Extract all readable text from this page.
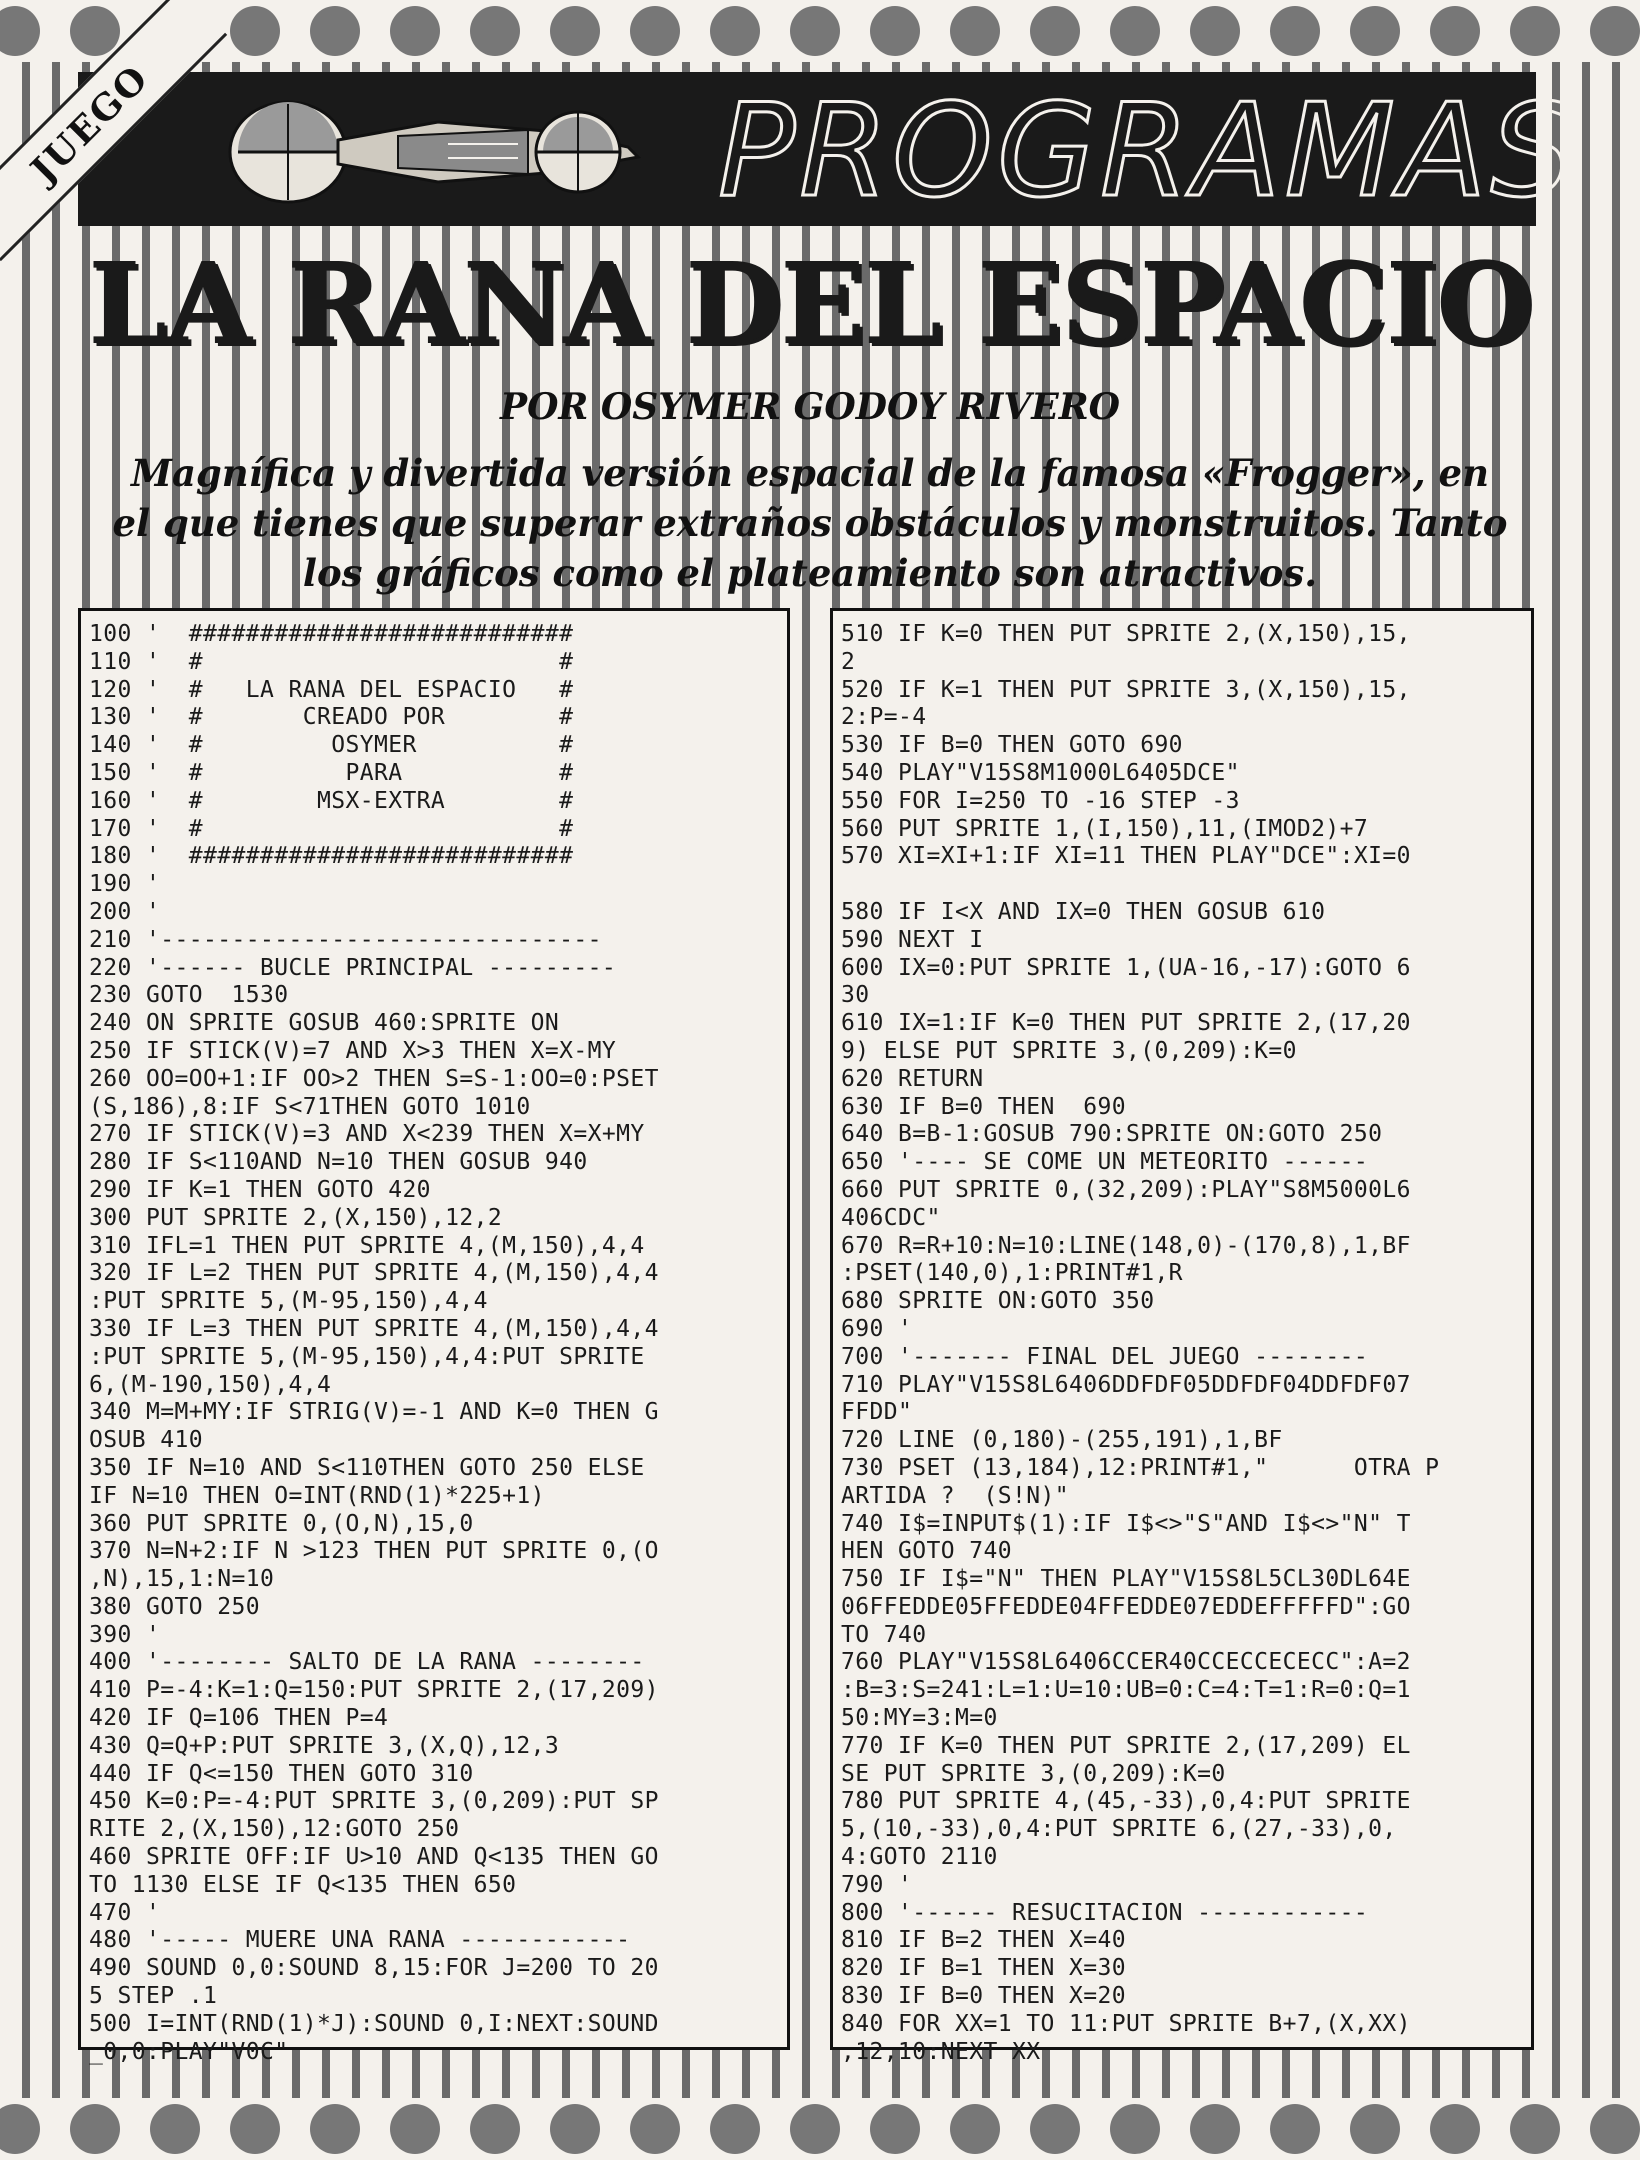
PROGRAMAS
JUEGO
LA RANA DEL ESPACIO
POR OSYMER GODOY RIVERO
Magnífica y divertida versión espacial de la famosa «Frogger», en
el que tienes que superar extraños obstáculos y monstruitos. Tanto
los gráficos como el plateamiento son atractivos.
100 '  ###########################
110 '  #                         #
120 '  #   LA RANA DEL ESPACIO   #
130 '  #       CREADO POR        #
140 '  #         OSYMER          #
150 '  #          PARA           #
160 '  #        MSX-EXTRA        #
170 '  #                         #
180 '  ###########################
190 '
200 '
210 '-------------------------------
220 '------ BUCLE PRINCIPAL ---------
230 GOTO  1530
240 ON SPRITE GOSUB 460:SPRITE ON
250 IF STICK(V)=7 AND X>3 THEN X=X-MY
260 OO=OO+1:IF OO>2 THEN S=S-1:OO=0:PSET
(S,186),8:IF S<71THEN GOTO 1010
270 IF STICK(V)=3 AND X<239 THEN X=X+MY
280 IF S<110AND N=10 THEN GOSUB 940
290 IF K=1 THEN GOTO 420
300 PUT SPRITE 2,(X,150),12,2
310 IFL=1 THEN PUT SPRITE 4,(M,150),4,4
320 IF L=2 THEN PUT SPRITE 4,(M,150),4,4
:PUT SPRITE 5,(M-95,150),4,4
330 IF L=3 THEN PUT SPRITE 4,(M,150),4,4
:PUT SPRITE 5,(M-95,150),4,4:PUT SPRITE
6,(M-190,150),4,4
340 M=M+MY:IF STRIG(V)=-1 AND K=0 THEN G
OSUB 410
350 IF N=10 AND S<110THEN GOTO 250 ELSE
IF N=10 THEN O=INT(RND(1)*225+1)
360 PUT SPRITE 0,(O,N),15,0
370 N=N+2:IF N >123 THEN PUT SPRITE 0,(O
,N),15,1:N=10
380 GOTO 250
390 '
400 '-------- SALTO DE LA RANA --------
410 P=-4:K=1:Q=150:PUT SPRITE 2,(17,209)
420 IF Q=106 THEN P=4
430 Q=Q+P:PUT SPRITE 3,(X,Q),12,3
440 IF Q<=150 THEN GOTO 310
450 K=0:P=-4:PUT SPRITE 3,(0,209):PUT SP
RITE 2,(X,150),12:GOTO 250
460 SPRITE OFF:IF U>10 AND Q<135 THEN GO
TO 1130 ELSE IF Q<135 THEN 650
470 '
480 '----- MUERE UNA RANA ------------
490 SOUND 0,0:SOUND 8,15:FOR J=200 TO 20
5 STEP .1
500 I=INT(RND(1)*J):SOUND 0,I:NEXT:SOUND
_0,0:PLAY"V0C"
510 IF K=0 THEN PUT SPRITE 2,(X,150),15,
2
520 IF K=1 THEN PUT SPRITE 3,(X,150),15,
2:P=-4
530 IF B=0 THEN GOTO 690
540 PLAY"V15S8M1000L6405DCE"
550 FOR I=250 TO -16 STEP -3
560 PUT SPRITE 1,(I,150),11,(IMOD2)+7
570 XI=XI+1:IF XI=11 THEN PLAY"DCE":XI=0

580 IF I<X AND IX=0 THEN GOSUB 610
590 NEXT I
600 IX=0:PUT SPRITE 1,(UA-16,-17):GOTO 6
30
610 IX=1:IF K=0 THEN PUT SPRITE 2,(17,20
9) ELSE PUT SPRITE 3,(0,209):K=0
620 RETURN
630 IF B=0 THEN  690
640 B=B-1:GOSUB 790:SPRITE ON:GOTO 250
650 '---- SE COME UN METEORITO ------
660 PUT SPRITE 0,(32,209):PLAY"S8M5000L6
406CDC"
670 R=R+10:N=10:LINE(148,0)-(170,8),1,BF
:PSET(140,0),1:PRINT#1,R
680 SPRITE ON:GOTO 350
690 '
700 '------- FINAL DEL JUEGO --------
710 PLAY"V15S8L6406DDFDF05DDFDF04DDFDF07
FFDD"
720 LINE (0,180)-(255,191),1,BF
730 PSET (13,184),12:PRINT#1,"      OTRA P
ARTIDA ?  (S!N)"
740 I$=INPUT$(1):IF I$<>"S"AND I$<>"N" T
HEN GOTO 740
750 IF I$="N" THEN PLAY"V15S8L5CL30DL64E
06FFEDDE05FFEDDE04FFEDDE07EDDEFFFFFD":GO
TO 740
760 PLAY"V15S8L6406CCER40CCECCECECC":A=2
:B=3:S=241:L=1:U=10:UB=0:C=4:T=1:R=0:Q=1
50:MY=3:M=0
770 IF K=0 THEN PUT SPRITE 2,(17,209) EL
SE PUT SPRITE 3,(0,209):K=0
780 PUT SPRITE 4,(45,-33),0,4:PUT SPRITE
5,(10,-33),0,4:PUT SPRITE 6,(27,-33),0,
4:GOTO 2110
790 '
800 '------ RESUCITACION ------------
810 IF B=2 THEN X=40
820 IF B=1 THEN X=30
830 IF B=0 THEN X=20
840 FOR XX=1 TO 11:PUT SPRITE B+7,(X,XX)
,12,10:NEXT XX
